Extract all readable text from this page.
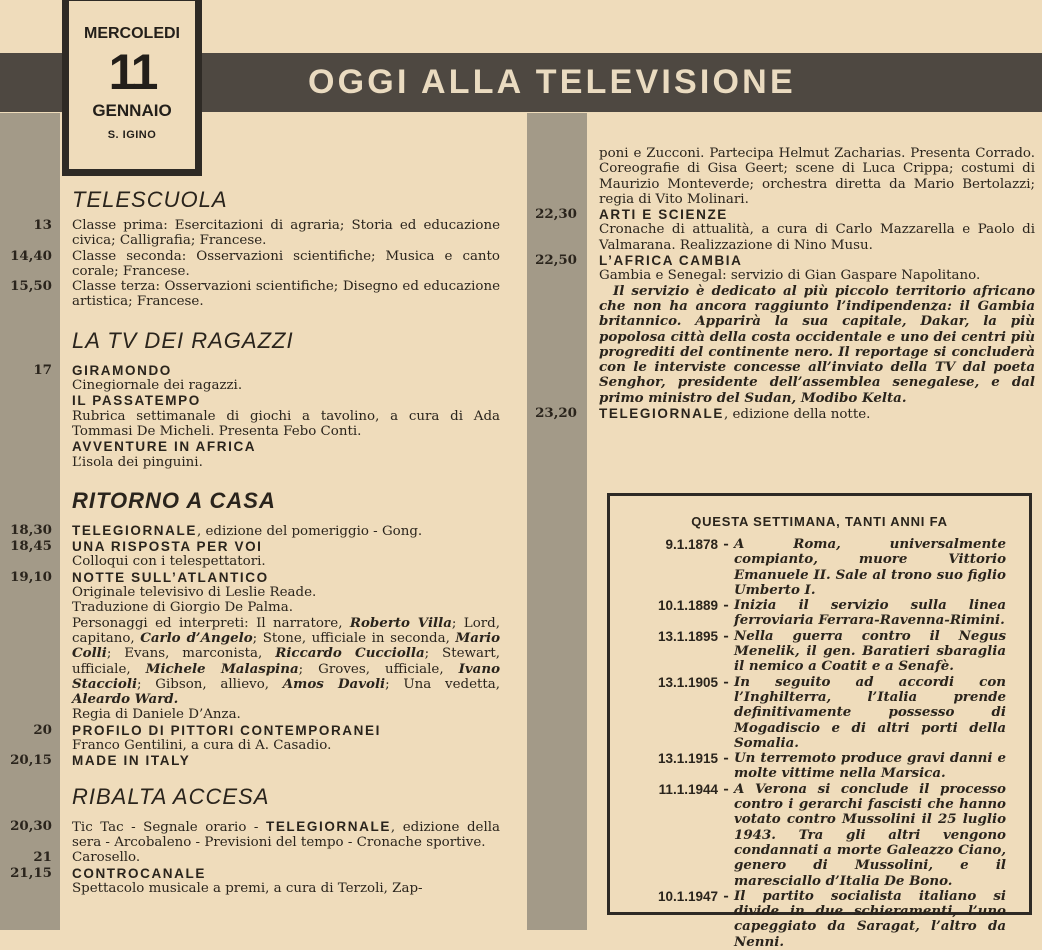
OGGI ALLA TELEVISIONE
MERCOLEDI
11
GENNAIO
S. IGINO
TELESCUOLA
13	Classe prima: Esercitazioni di agraria; Storia ed educazione civica; Calligrafia; Francese.
14,40	Classe seconda: Osservazioni scientifiche; Musica e canto corale; Francese.
15,50	Classe terza: Osservazioni scientifiche; Disegno ed educazione artistica; Francese.
LA TV DEI RAGAZZI
17	GIRAMONDO

Cinegiornale dei ragazzi.

IL PASSATEMPO

Rubrica settimanale di giochi a tavolino, a cura di Ada Tommasi De Micheli. Presenta Febo Conti.

AVVENTURE IN AFRICA

L’isola dei pinguini.

RITORNO A CASA
18,30	TELEGIORNALE, edizione del pomeriggio - Gong.
18,45	UNA RISPOSTA PER VOI

Colloqui con i telespettatori.

19,10	NOTTE SULL’ATLANTICO

Originale televisivo di Leslie Reade.

Traduzione di Giorgio De Palma.

Personaggi ed interpreti: Il narratore, Roberto Villa; Lord, capitano, Carlo d’Angelo; Stone, ufficiale in seconda, Mario Colli; Evans, marconista, Riccardo Cucciolla; Stewart, ufficiale, Michele Malaspina; Groves, ufficiale, Ivano Staccioli; Gibson, allievo, Amos Davoli; Una vedetta, Aleardo Ward.

Regia di Daniele D’Anza.

20	PROFILO DI PITTORI CONTEMPORANEI

Franco Gentilini, a cura di A. Casadio.

20,15	MADE IN ITALY

RIBALTA ACCESA
20,30	Tic Tac - Segnale orario - TELEGIORNALE, edizione della sera - Arcobaleno - Previsioni del tempo - Cronache sportive.
21	Carosello.
21,15	CONTROCANALE

Spettacolo musicale a premi, a cura di Terzoli, Zap-

poni e Zucconi. Partecipa Helmut Zacharias. Presenta Corrado. Coreografie di Gisa Geert; scene di Luca Crippa; costumi di Maurizio Monteverde; orchestra diretta da Mario Bertolazzi; regia di Vito Molinari.
22,30	ARTI E SCIENZE

Cronache di attualità, a cura di Carlo Mazzarella e Paolo di Valmarana. Realizzazione di Nino Musu.

22,50	L’AFRICA CAMBIA

Gambia e Senegal: servizio di Gian Gaspare Napolitano.

Il servizio è dedicato al più piccolo territorio africano che non ha ancora raggiunto l’indipendenza: il Gambia britannico. Apparirà la sua capitale, Dakar, la più popolosa città della costa occidentale e uno dei centri più progrediti del continente nero. Il reportage si concluderà con le interviste concesse all’inviato della TV dal poeta Senghor, presidente dell’assemblea senegalese, e dal primo ministro del Sudan, Modibo Kelta.

23,20	TELEGIORNALE, edizione della notte.
QUESTA SETTIMANA, TANTI ANNI FA
9.1.1878 - A Roma, universalmente compianto, muore Vittorio Emanuele II. Sale al trono suo figlio Umberto I.
10.1.1889 - Inizia il servizio sulla linea ferroviaria Ferrara-Ravenna-Rimini.
13.1.1895 - Nella guerra contro il Negus Menelik, il gen. Baratieri sbaraglia il nemico a Coatit e a Senafè.
13.1.1905 - In seguito ad accordi con l’Inghilterra, l’Italia prende definitivamente possesso di Mogadiscio e di altri porti della Somalia.
13.1.1915 - Un terremoto produce gravi danni e molte vittime nella Marsica.
11.1.1944 - A Verona si conclude il processo contro i gerarchi fascisti che hanno votato contro Mussolini il 25 luglio 1943. Tra gli altri vengono condannati a morte Galeazzo Ciano, genero di Mussolini, e il maresciallo d’Italia De Bono.
10.1.1947 - Il partito socialista italiano si divide in due schieramenti, l’uno capeggiato da Saragat, l’altro da Nenni.
